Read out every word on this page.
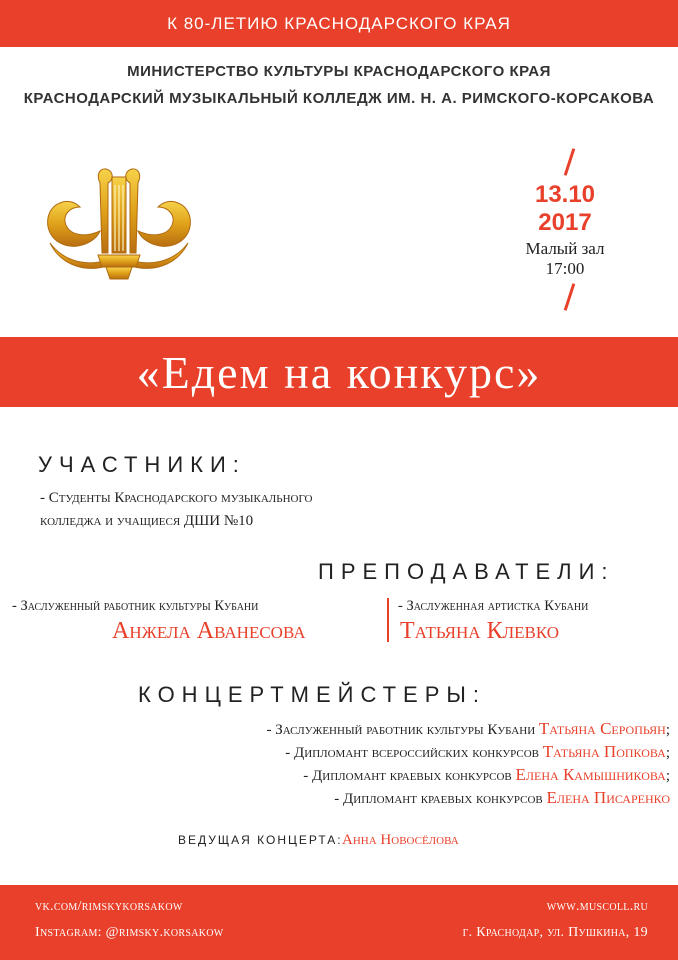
К 80-ЛЕТИЮ КРАСНОДАРСКОГО КРАЯ
МИНИСТЕРСТВО КУЛЬТУРЫ КРАСНОДАРСКОГО КРАЯ
КРАСНОДАРСКИЙ МУЗЫКАЛЬНЫЙ КОЛЛЕДЖ ИМ. Н. А. РИМСКОГО-КОРСАКОВА
13.10
2017
Малый зал
17:00
«Едем на конкурс»
УЧАСТНИКИ:
- Студенты Краснодарского музыкального
колледжа и учащиеся ДШИ №10
ПРЕПОДАВАТЕЛИ:
- Заслуженный работник культуры Кубани
Анжела Аванесова
- Заслуженная артистка Кубани
Татьяна Клевко
КОНЦЕРТМЕЙСТЕРЫ:
- Заслуженный работник культуры Кубани Татьяна Серопьян;
- Дипломант всероссийских конкурсов Татьяна Попкова;
- Дипломант краевых конкурсов Елена Камышникова;
- Дипломант краевых конкурсов Елена Писаренко
ВЕДУЩАЯ КОНЦЕРТА: Анна Новосёлова
vk.com/rimskykorsakow
Instagram: @rimsky.korsakow
www.muscoll.ru
г. Краснодар, ул. Пушкина, 19
